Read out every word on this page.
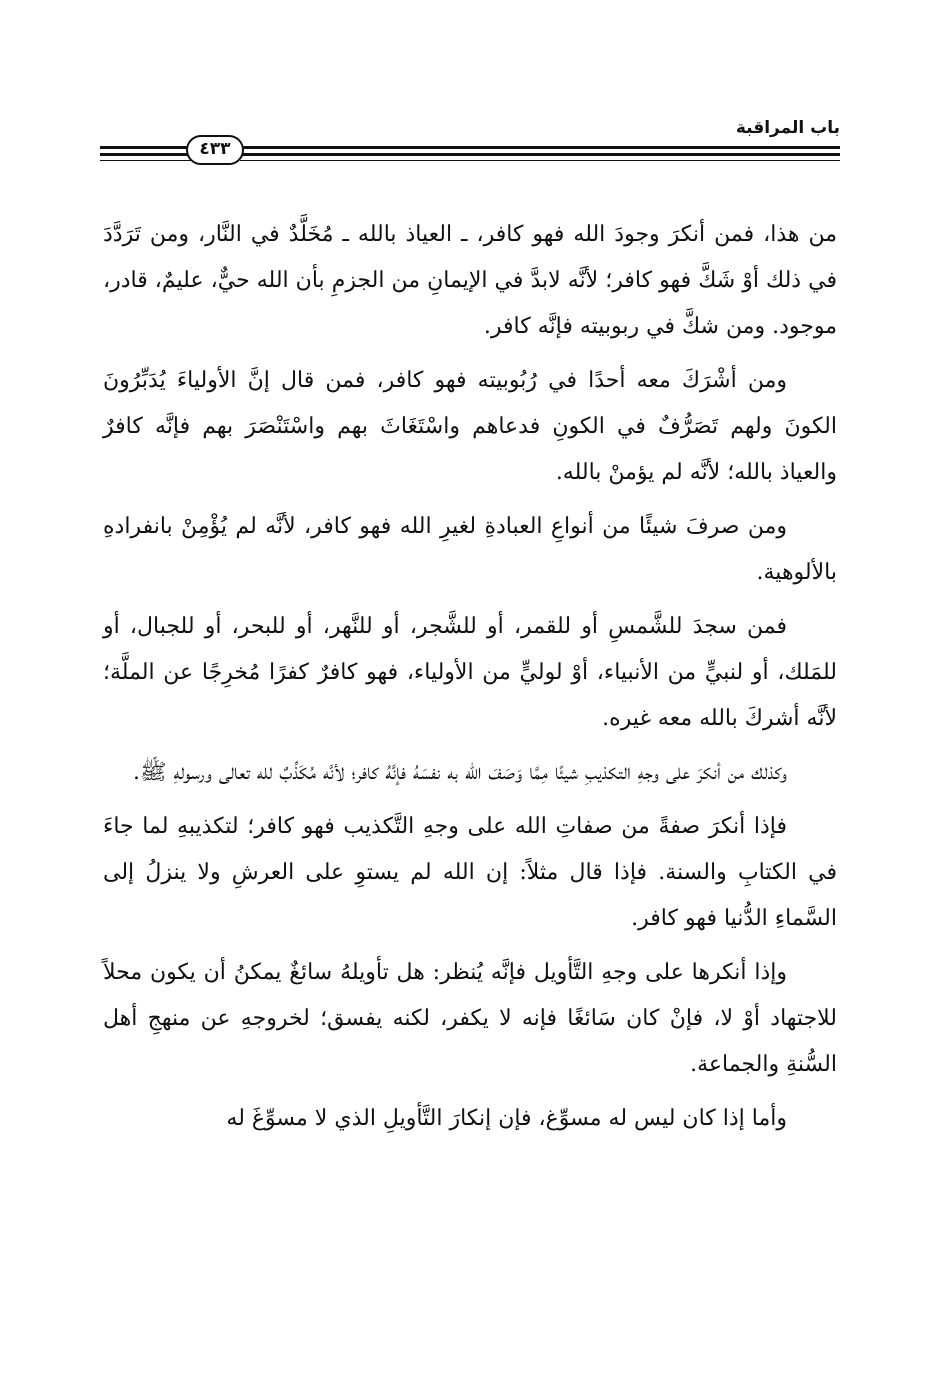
٤٣٣
باب المراقبة

من هذا، فمن أنكرَ وجودَ الله فهو كافر، ـ العياذ بالله ـ مُخَلَّدٌ في النَّار، ومن تَرَدَّدَ في ذلك أوْ شَكَّ فهو كافر؛ لأنَّه لابدَّ في الإيمانِ من الجزمِ بأن الله حيٌّ، عليمٌ، قادر، موجود. ومن شكَّ في ربوبيته فإنَّه كافر.

ومن أشْرَكَ معه أحدًا في رُبُوبيته فهو كافر، فمن قال إنَّ الأولياءَ يُدَبِّرُونَ الكونَ ولهم تَصَرُّفٌ في الكونِ فدعاهم واسْتَغَاثَ بهم واسْتَنْصَرَ بهم فإنَّه كافرٌ والعياذ بالله؛ لأنَّه لم يؤمنْ بالله.

ومن صرفَ شيئًا من أنواعِ العبادةِ لغيرِ الله فهو كافر، لأنَّه لم يُؤْمِنْ بانفرادهِ بالألوهية.

فمن سجدَ للشَّمسِ أو للقمر، أو للشَّجر، أو للنَّهر، أو للبحر، أو للجبال، أو للمَلك، أو لنبيٍّ من الأنبياء، أوْ لوليٍّ من الأولياء، فهو كافرٌ كفرًا مُخرِجًا عن الملَّة؛ لأنَّه أشركَ بالله معه غيره.

وكذلك من أنكرَ على وجهِ التكذيبِ شيئًا مِمَّا وَصَفَ الله به نفسَهُ فإنَّهُ كافر؛ لأنَّه مُكَذِّبٌ لله تعالى ورسولهِ ﷺ.

فإذا أنكرَ صفةً من صفاتِ الله على وجهِ التَّكذيب فهو كافر؛ لتكذيبهِ لما جاءَ في الكتابِ والسنة. فإذا قال مثلاً: إن الله لم يستوِ على العرشِ ولا ينزلُ إلى السَّماءِ الدُّنيا فهو كافر.

وإذا أنكرها على وجهِ التَّأويل فإنَّه يُنظر: هل تأويلهُ سائغٌ يمكنُ أن يكون محلاً للاجتهاد أوْ لا، فإنْ كان سَائغًا فإنه لا يكفر، لكنه يفسق؛ لخروجهِ عن منهجِ أهل السُّنةِ والجماعة.

وأما إذا كان ليس له مسوِّغ، فإن إنكارَ التَّأويلِ الذي لا مسوِّغَ له
